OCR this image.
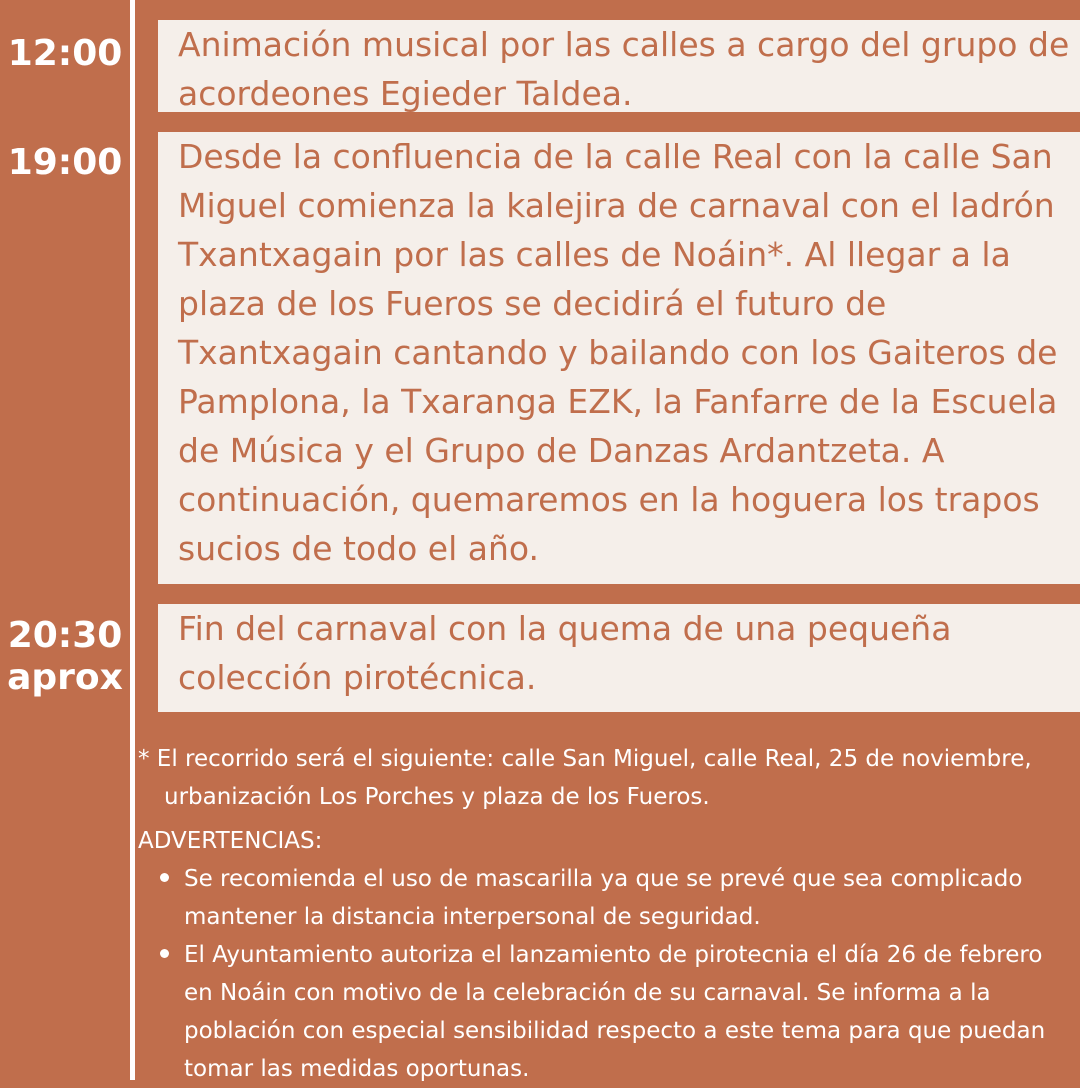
12:00 Animación musical por las calles a cargo del grupo de acordeones Egieder Taldea.
19:00 Desde la confluencia de la calle Real con la calle San Miguel comienza la kalejira de carnaval con el ladrón Txantxagain por las calles de Noáin*. Al llegar a la plaza de los Fueros se decidirá el futuro de Txantxagain cantando y bailando con los Gaiteros de Pamplona, la Txaranga EZK, la Fanfarre de la Escuela de Música y el Grupo de Danzas Ardantzeta. A continuación, quemaremos en la hoguera los trapos sucios de todo el año.
20:30
aprox
Fin del carnaval con la quema de una pequeña colección pirotécnica.
* El recorrido será el siguiente: calle San Miguel, calle Real, 25 de noviembre, urbanización Los Porches y plaza de los Fueros.
ADVERTENCIAS:
Se recomienda el uso de mascarilla ya que se prevé que sea complicado mantener la distancia interpersonal de seguridad.
El Ayuntamiento autoriza el lanzamiento de pirotecnia el día 26 de febrero en Noáin con motivo de la celebración de su carnaval. Se informa a la población con especial sensibilidad respecto a este tema para que puedan tomar las medidas oportunas.
